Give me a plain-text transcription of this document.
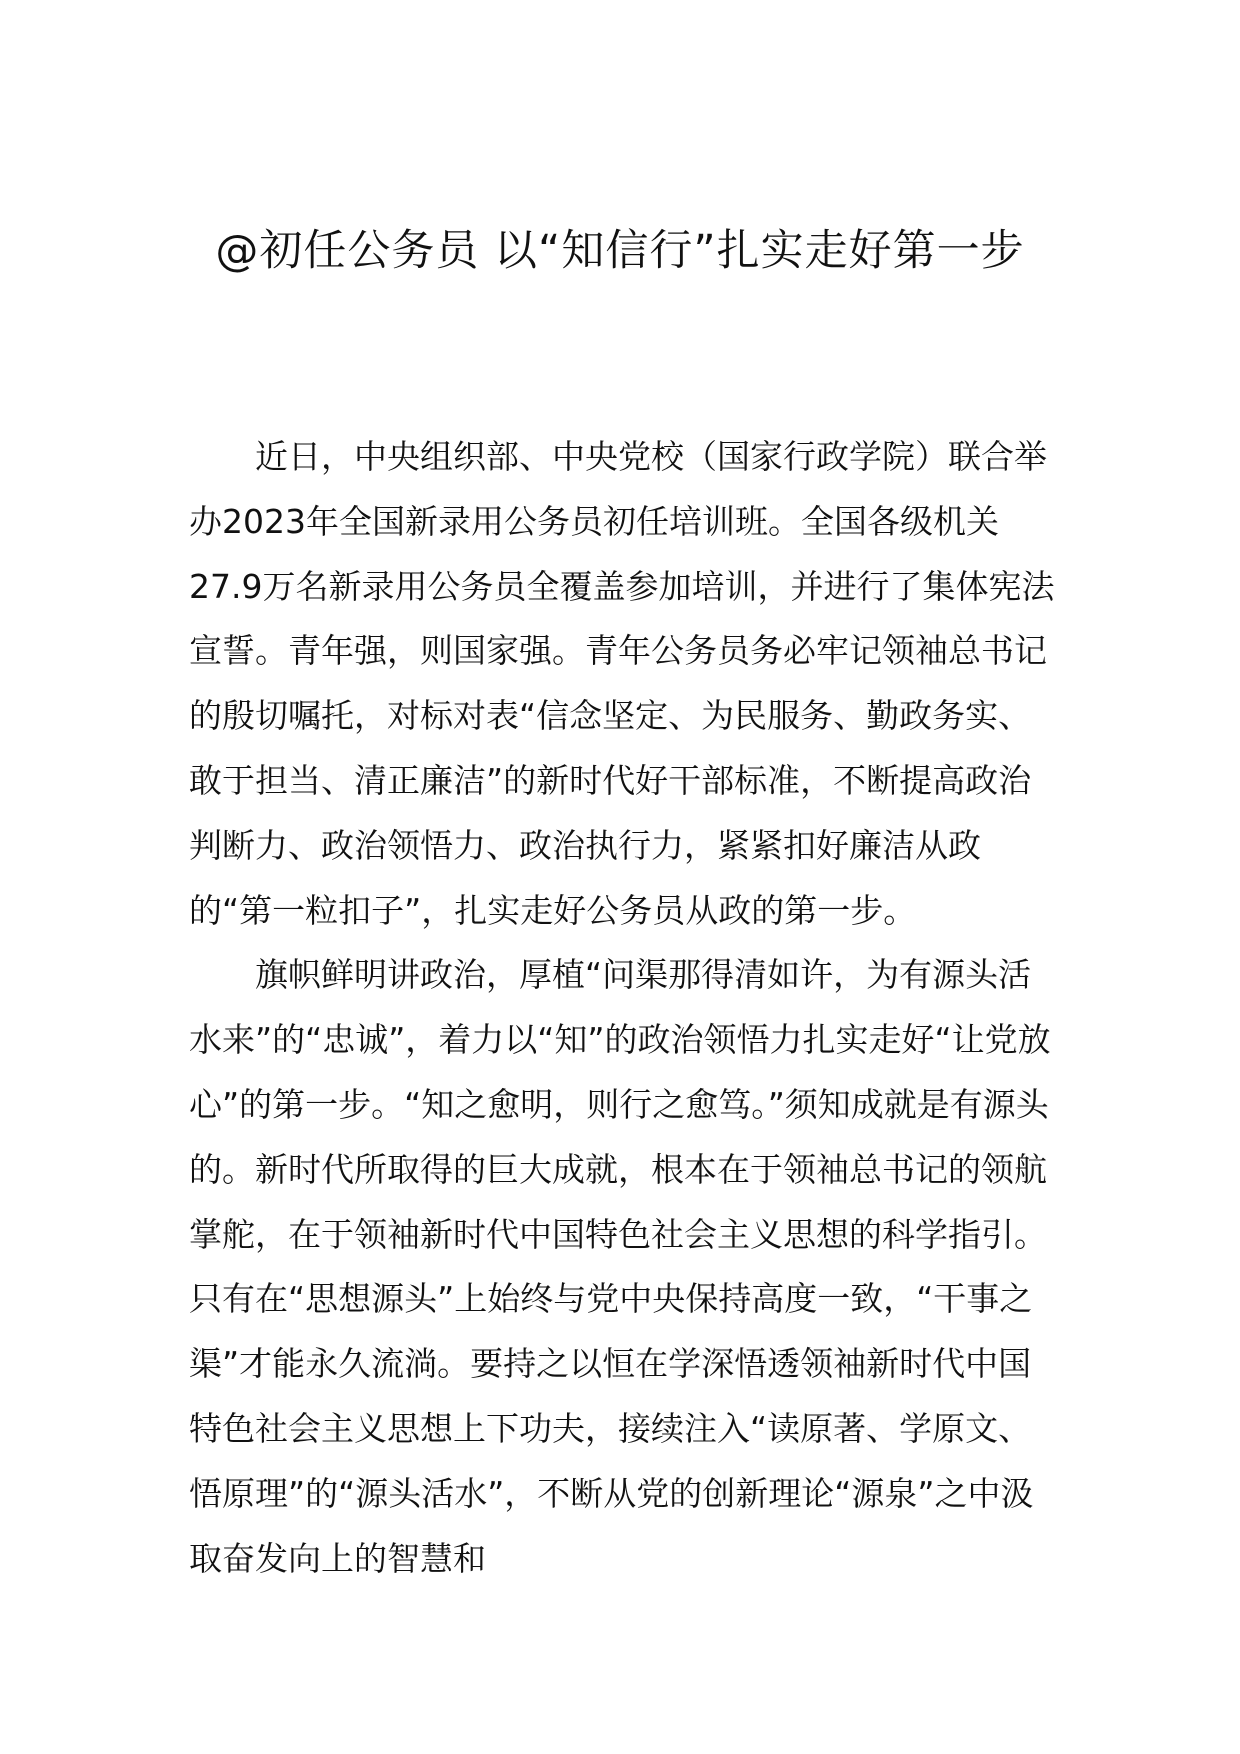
@初任公务员 以“知信行”扎实走好第一步

近日，中央组织部、中央党校（国家行政学院）联合举办2023年全国新录用公务员初任培训班。全国各级机关27.9万名新录用公务员全覆盖参加培训，并进行了集体宪法宣誓。青年强，则国家强。青年公务员务必牢记领袖总书记的殷切嘱托，对标对表“信念坚定、为民服务、勤政务实、敢于担当、清正廉洁”的新时代好干部标准，不断提高政治判断力、政治领悟力、政治执行力，紧紧扣好廉洁从政的“第一粒扣子”，扎实走好公务员从政的第一步。

旗帜鲜明讲政治，厚植“问渠那得清如许，为有源头活水来”的“忠诚”，着力以“知”的政治领悟力扎实走好“让党放心”的第一步。“知之愈明，则行之愈笃。”须知成就是有源头的。新时代所取得的巨大成就，根本在于领袖总书记的领航掌舵，在于领袖新时代中国特色社会主义思想的科学指引。只有在“思想源头”上始终与党中央保持高度一致，“干事之渠”才能永久流淌。要持之以恒在学深悟透领袖新时代中国特色社会主义思想上下功夫，接续注入“读原著、学原文、悟原理”的“源头活水”，不断从党的创新理论“源泉”之中汲取奋发向上的智慧和
